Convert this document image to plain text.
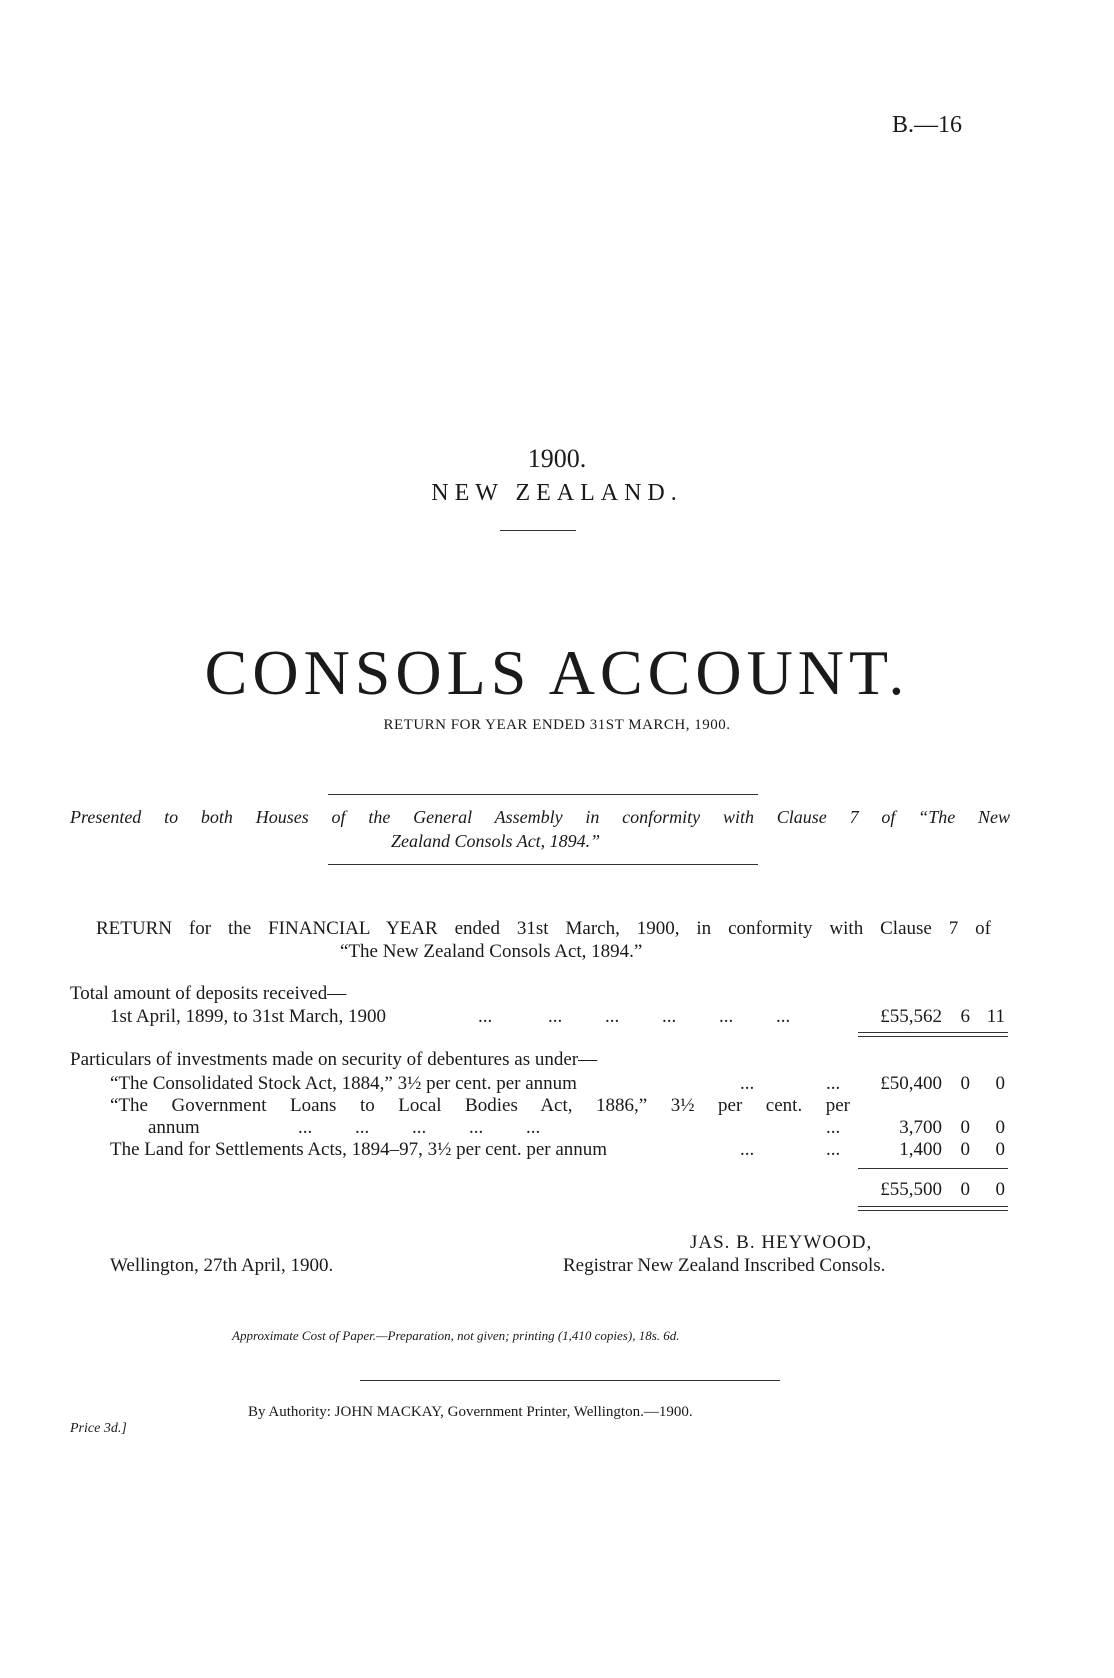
B.—16
1900.
NEW ZEALAND.
CONSOLS ACCOUNT.
RETURN FOR YEAR ENDED 31ST MARCH, 1900.
Presented to both Houses of the General Assembly in conformity with Clause 7 of “The New
Zealand Consols Act, 1894.”
RETURN for the FINANCIAL YEAR ended 31st March, 1900, in conformity with Clause 7 of
“The New Zealand Consols Act, 1894.”
Total amount of deposits received—
1st April, 1899, to 31st March, 1900	...	...         ...         ...         ...         ...	£55,562 6 11
Particulars of investments made on security of debentures as under—
“The Consolidated Stock Act, 1884,” 3½ per cent. per annum	...	...	£50,400 0	0
“The Government Loans to Local Bodies Act, 1886,” 3½ per cent. per
annum	...         ...         ...         ...         ...	...	3,700 0	0
The Land for Settlements Acts, 1894–97, 3½ per cent. per annum	...	...	1,400 0	0
£55,500 0	0
JAS. B. HEYWOOD,
Wellington, 27th April, 1900.	Registrar New Zealand Inscribed Consols.
Approximate Cost of Paper.—Preparation, not given; printing (1,410 copies), 18s. 6d.
By Authority: JOHN MACKAY, Government Printer, Wellington.—1900.
Price 3d.]
